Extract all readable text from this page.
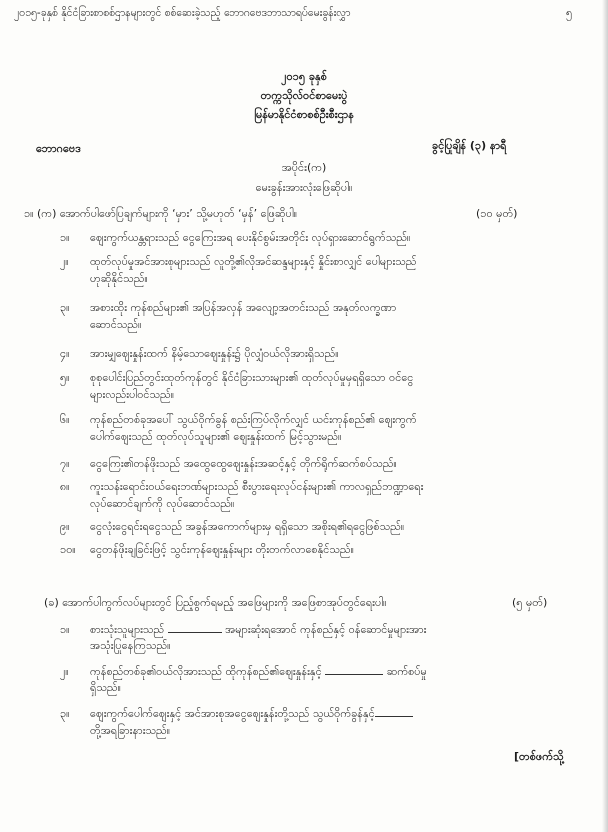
၂၀၁၅-ခုနှစ် နိုင်ငံခြားစာစစ်ဌာနများတွင် စစ်ဆေးခဲ့သည့် ဘောဂဗေဒဘာသာရပ်မေးခွန်းလွှာ	၅
၂၀၁၅ ခုနှစ်
တက္ကသိုလ်ဝင်စာမေးပွဲ
မြန်မာနိုင်ငံစာစစ်ဦးစီးဌာန
ဘောဂဗေဒ	ခွင့်ပြုချိန် (၃) နာရီ
အပိုင်း(က)
မေးခွန်းအားလုံးဖြေဆိုပါ။
၁။ (က) အောက်ပါဖော်ပြချက်များကို ‘မှား’ သို့မဟုတ် ‘မှန်’ ဖြေဆိုပါ။	(၁၀ မှတ်)
၁။ ဈေးကွက်ယန္တရားသည် ငွေကြေးအရ ပေးနိုင်စွမ်းအတိုင်း လုပ်ရှားဆောင်ရွက်သည်။
၂။ ထုတ်လုပ်မှုအင်အားစုများသည် လူတို့၏လိုအင်ဆန္ဒများနှင့် နှိုင်းစာလျှင် ပေါများသည်
ဟုဆိုနိုင်သည်။
၃။ အစားထိုး ကုန်စည်များ၏ အပြန်အလှန် အလျော့အတင်းသည် အနုတ်လက္ခဏာ
ဆောင်သည်။
၄။ အားမျှဈေးနှုန်းထက် နိမ့်သောဈေးနှုန်း၌ ပိုလျှံဝယ်လိုအားရှိသည်။
၅။ စုစုပေါင်းပြည်တွင်းထုတ်ကုန်တွင် နိုင်ငံခြားသားများ၏ ထုတ်လုပ်မှုမှရရှိသော ဝင်ငွေ
များလည်းပါဝင်သည်။
၆။ ကုန်စည်တစ်ခုအပေါ် သွယ်ဝိုက်ခွန် စည်းကြပ်လိုက်လျှင် ယင်းကုန်စည်၏ ဈေးကွက်
ပေါက်ဈေးသည် ထုတ်လုပ်သူများ၏ ဈေးနှုန်းထက် မြင့်သွားမည်။
၇။ ငွေကြေး၏တန်ဖိုးသည် အထွေထွေဈေးနှုန်းအဆင့်နှင့် တိုက်ရိုက်ဆက်စပ်သည်။
၈။ ကူးသန်းရောင်းဝယ်ရေးဘဏ်များသည် စီးပွားရေးလုပ်ငန်းများ၏ ကာလရှည်ဘဏ္ဍာရေး
လုပ်ဆောင်ချက်ကို လုပ်ဆောင်သည်။
၉။ ငွေလုံးငွေရင်းရငွေသည် အခွန်အကောက်များမှ ရရှိသော အစိုးရ၏ရငွေဖြစ်သည်။
၁၀။ ငွေတန်ဖိုးချခြင်းဖြင့် သွင်းကုန်ဈေးနှုန်းများ တိုးတက်လာစေနိုင်သည်။
(ခ) အောက်ပါကွက်လပ်များတွင် ပြည့်စွက်ရမည့် အဖြေများကို အဖြေစာအုပ်တွင်ရေးပါ။	(၅ မှတ်)
၁။ စားသုံးသူများသည်	အများဆုံးရအောင် ကုန်စည်နှင့် ဝန်ဆောင်မှုများအား
အသုံးပြုနေကြသည်။
၂။ ကုန်စည်တစ်ခု၏ဝယ်လိုအားသည် ထိုကုန်စည်၏ဈေးနှုန်းနှင့်	ဆက်စပ်မှု
ရှိသည်။
၃။ ဈေးကွက်ပေါက်ဈေးနှင့် အင်အားစုအငွေဈေးနှုန်းတို့သည် သွယ်ဝိုက်ခွန်နှင့်
တို့အရခြားနားသည်။
[တစ်ဖက်သို့
